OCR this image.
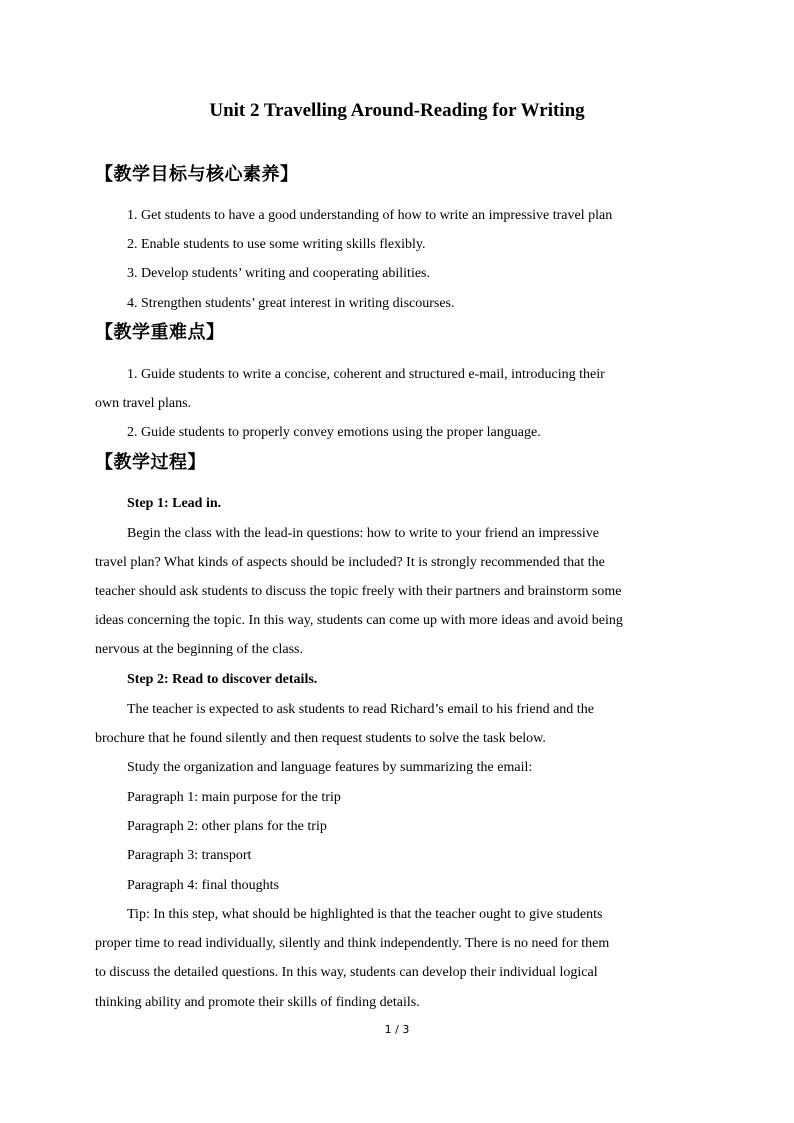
Unit 2 Travelling Around-Reading for Writing
【教学目标与核心素养】
1. Get students to have a good understanding of how to write an impressive travel plan
2. Enable students to use some writing skills flexibly.
3. Develop students’ writing and cooperating abilities.
4. Strengthen students’ great interest in writing discourses.
【教学重难点】
1. Guide students to write a concise, coherent and structured e-mail, introducing their
own travel plans.
2. Guide students to properly convey emotions using the proper language.
【教学过程】
Step 1: Lead in.
Begin the class with the lead-in questions: how to write to your friend an impressive
travel plan? What kinds of aspects should be included? It is strongly recommended that the
teacher should ask students to discuss the topic freely with their partners and brainstorm some
ideas concerning the topic. In this way, students can come up with more ideas and avoid being
nervous at the beginning of the class.
Step 2: Read to discover details.
The teacher is expected to ask students to read Richard’s email to his friend and the
brochure that he found silently and then request students to solve the task below.
Study the organization and language features by summarizing the email:
Paragraph 1: main purpose for the trip
Paragraph 2: other plans for the trip
Paragraph 3: transport
Paragraph 4: final thoughts
Tip: In this step, what should be highlighted is that the teacher ought to give students
proper time to read individually, silently and think independently. There is no need for them
to discuss the detailed questions. In this way, students can develop their individual logical
thinking ability and promote their skills of finding details.
1 / 3
